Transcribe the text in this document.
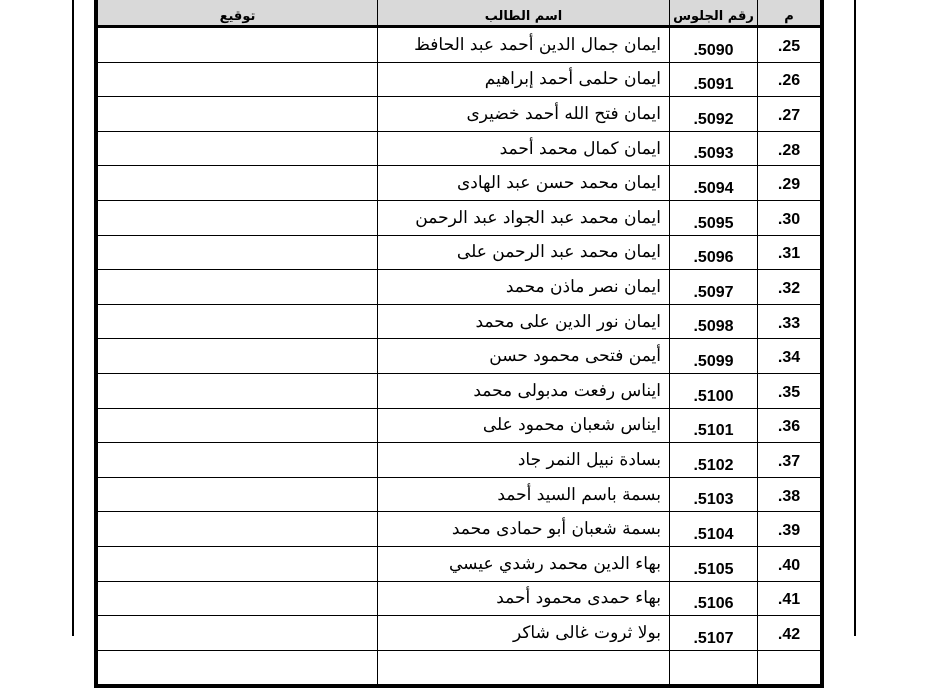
م	رقم الجلوس	اسم الطالب	توقيع
25.	5090.	ايمان جمال الدين أحمد عبد الحافظ	
26.	5091.	ايمان حلمى أحمد إبراهيم	
27.	5092.	ايمان فتح الله أحمد خضيرى	
28.	5093.	ايمان كمال محمد أحمد	
29.	5094.	ايمان محمد حسن عبد الهادى	
30.	5095.	ايمان محمد عبد الجواد عبد الرحمن	
31.	5096.	ايمان محمد عبد الرحمن على	
32.	5097.	ايمان نصر ماذن محمد	
33.	5098.	ايمان نور الدين على محمد	
34.	5099.	أيمن فتحى محمود حسن	
35.	5100.	ايناس رفعت مدبولى محمد	
36.	5101.	ايناس شعبان محمود على	
37.	5102.	بسادة نبيل النمر جاد	
38.	5103.	بسمة باسم السيد أحمد	
39.	5104.	بسمة شعبان أبو حمادى محمد	
40.	5105.	بهاء الدين محمد رشدي عيسي	
41.	5106.	بهاء حمدى محمود أحمد	
42.	5107.	بولا ثروت غالى شاكر	
